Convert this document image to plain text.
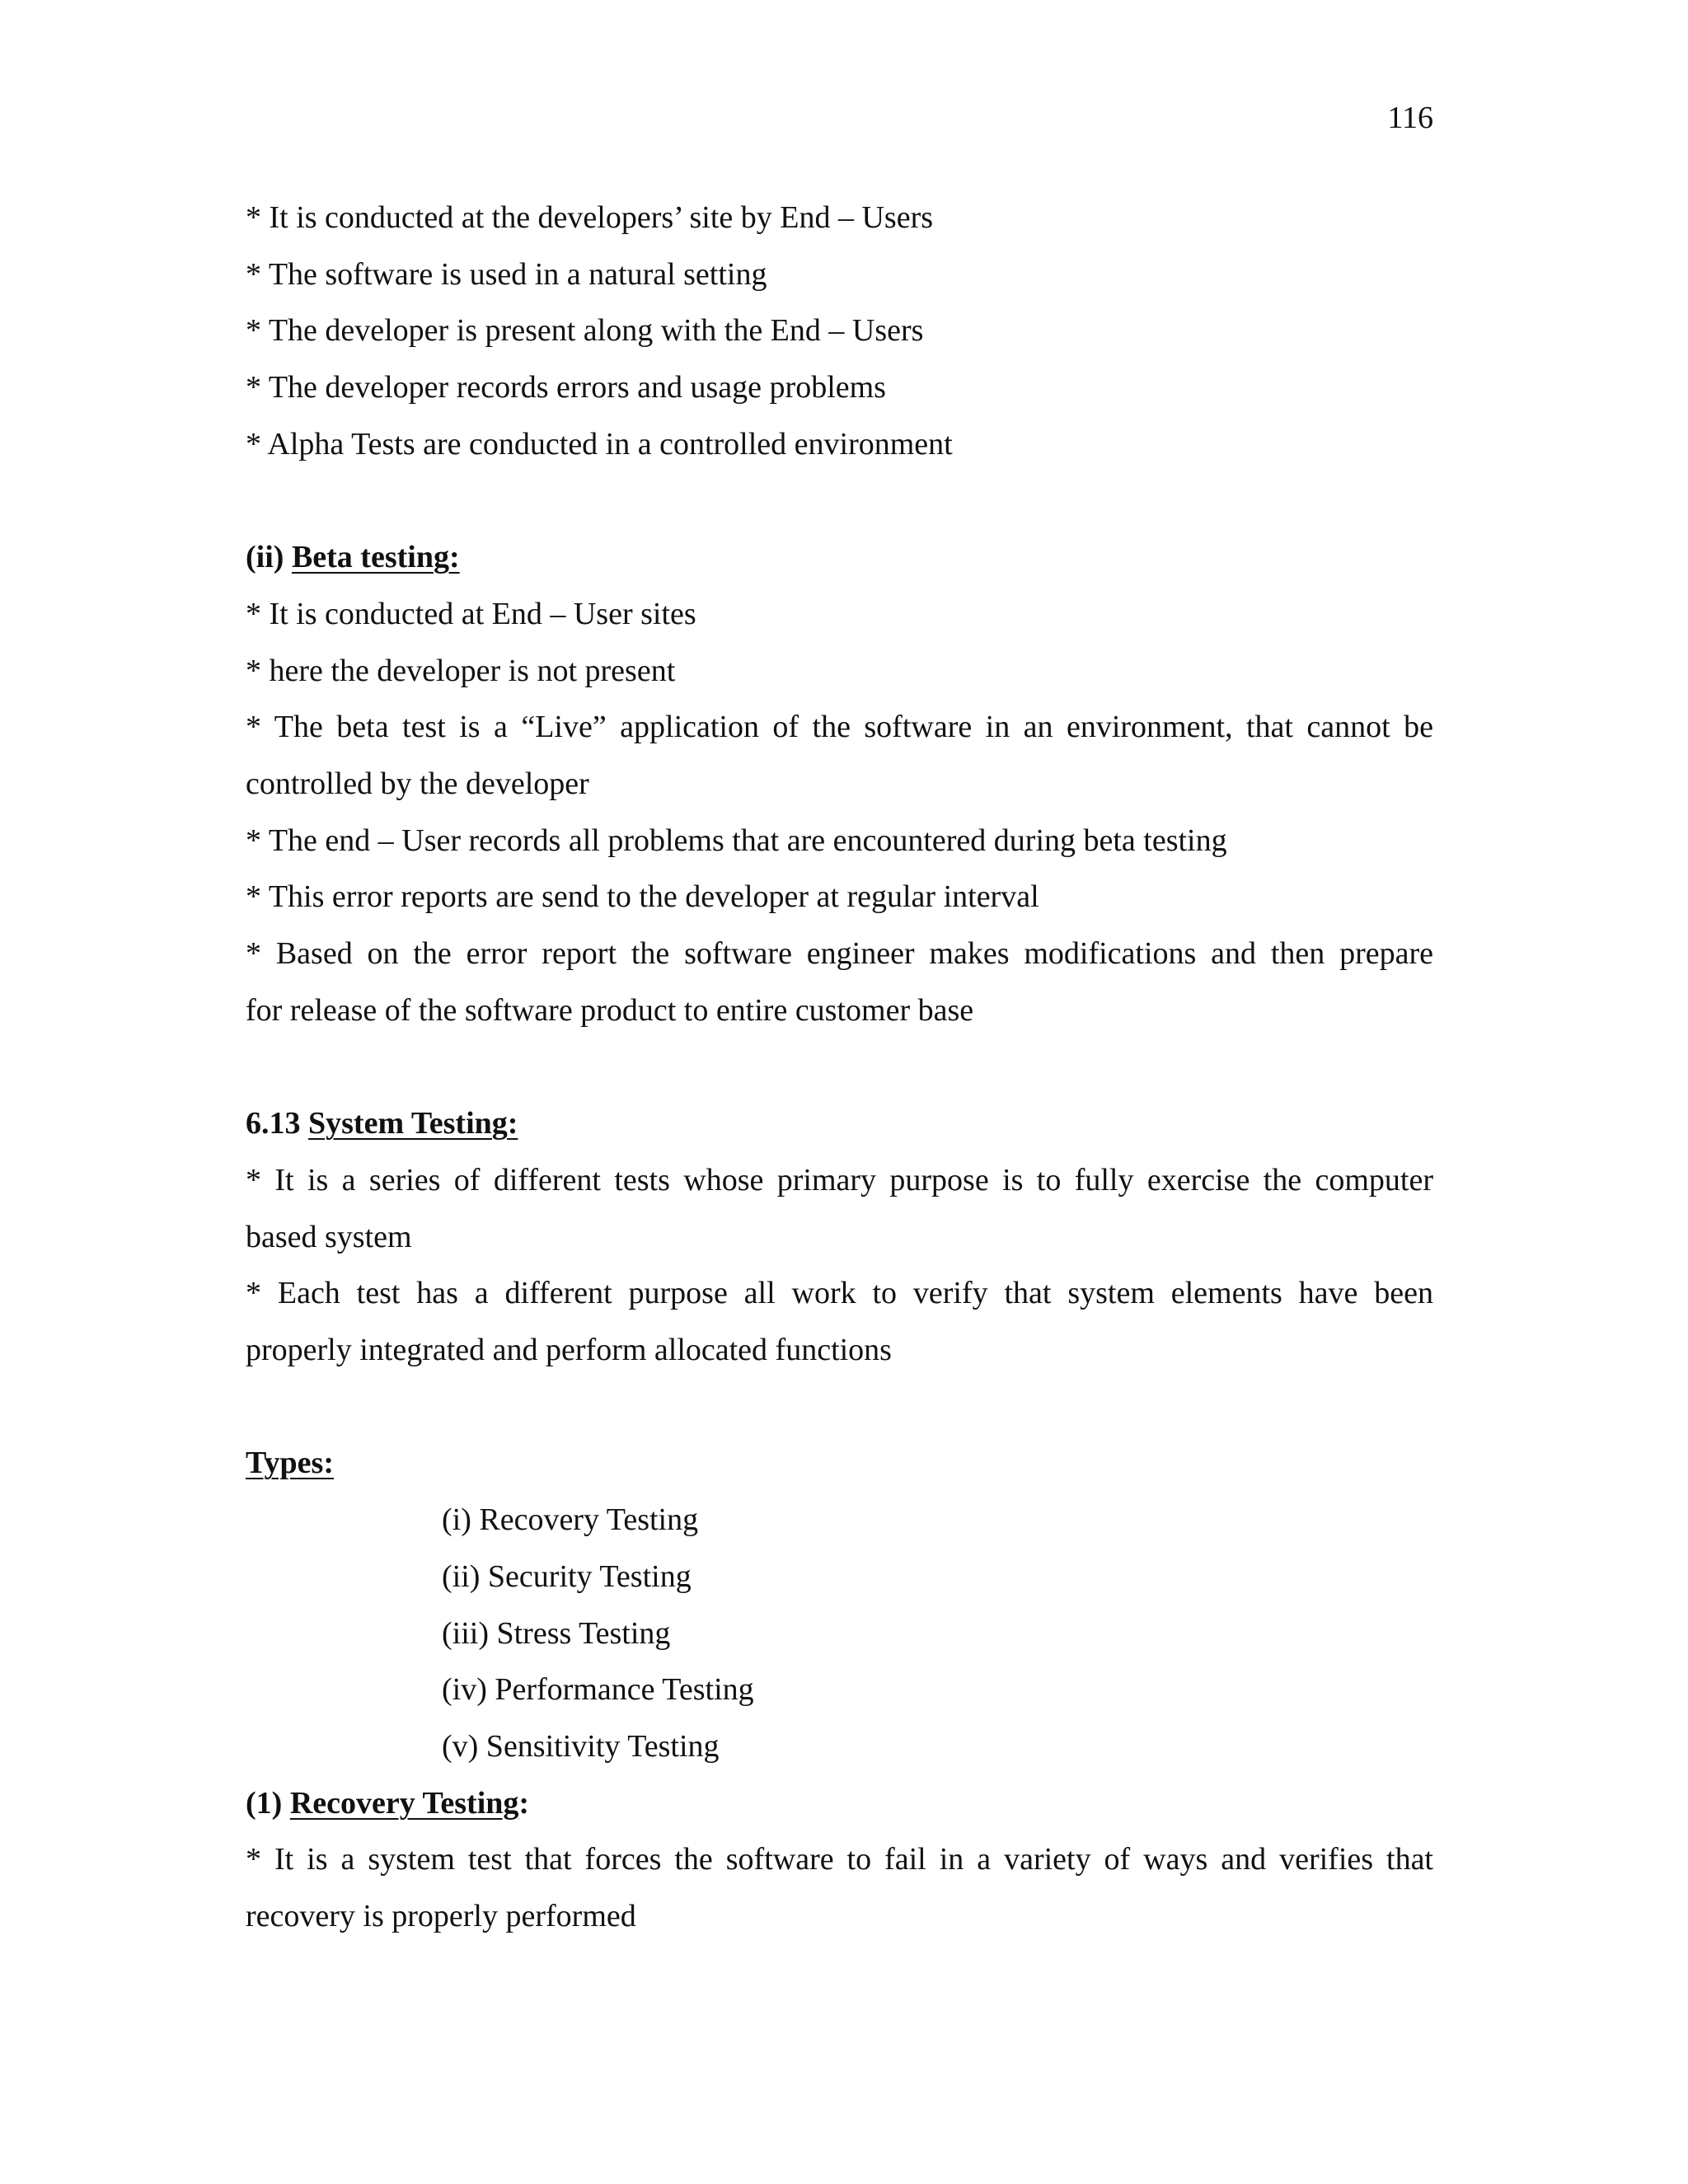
116

* It is conducted at the developers’ site by End – Users

* The software is used in a natural setting

* The developer is present along with the End – Users

* The developer records errors and usage problems

* Alpha Tests are conducted in a controlled environment

(ii) Beta testing:

* It is conducted at End – User sites

* here the developer is not present

* The beta test is a “Live” application of the software in an environment, that cannot be

controlled by the developer

* The end – User records all problems that are encountered during beta testing

* This error reports are send to the developer at regular interval

* Based on the error report the software engineer makes modifications and then prepare

for release of the software product to entire customer base

6.13 System Testing:

* It is a series of different tests whose primary purpose is to fully exercise the computer

based system

* Each test has a different purpose all work to verify that system elements have been

properly integrated and perform allocated functions

Types:

(i) Recovery Testing

(ii) Security Testing

(iii) Stress Testing

(iv) Performance Testing

(v) Sensitivity Testing

(1) Recovery Testing:

* It is a system test that forces the software to fail in a variety of ways and verifies that

recovery is properly performed
